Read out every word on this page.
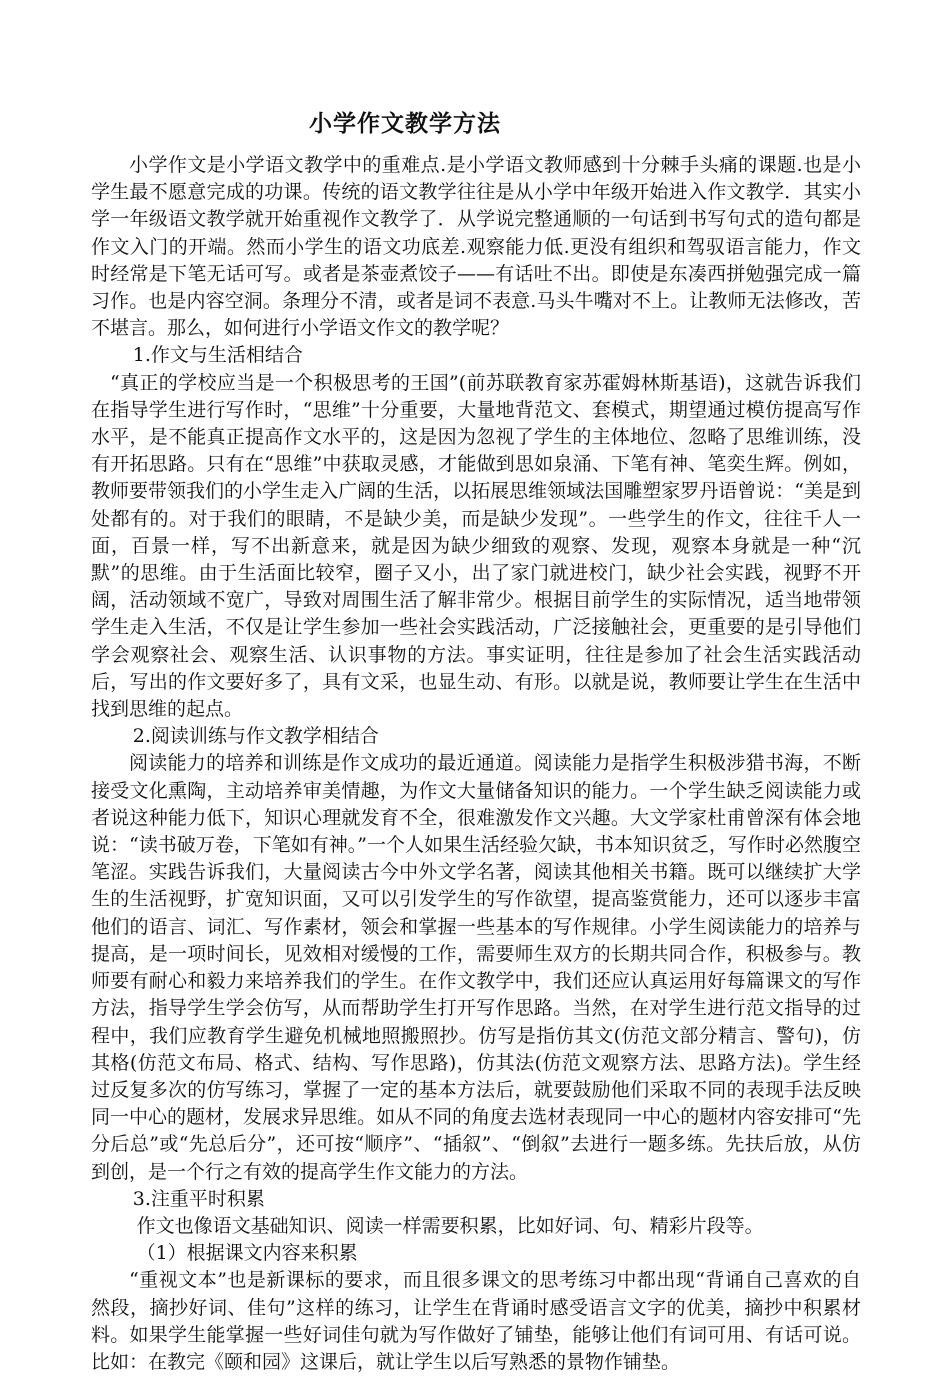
小学作文教学方法

小学作文是小学语文教学中的重难点.是小学语文教师感到十分棘手头痛的课题.也是小学生最不愿意完成的功课。传统的语文教学往往是从小学中年级开始进入作文教学．其实小学一年级语文教学就开始重视作文教学了．从学说完整通顺的一句话到书写句式的造句都是作文入门的开端。然而小学生的语文功底差.观察能力低.更没有组织和驾驭语言能力，作文时经常是下笔无话可写。或者是茶壶煮饺子——有话吐不出。即使是东凑西拼勉强完成一篇习作。也是内容空洞。条理分不清，或者是词不表意.马头牛嘴对不上。让教师无法修改，苦不堪言。那么，如何进行小学语文作文的教学呢？

1.作文与生活相结合

“真正的学校应当是一个积极思考的王国”(前苏联教育家苏霍姆林斯基语)，这就告诉我们在指导学生进行写作时，“思维”十分重要，大量地背范文、套模式，期望通过模仿提高写作水平，是不能真正提高作文水平的，这是因为忽视了学生的主体地位、忽略了思维训练，没有开拓思路。只有在“思维”中获取灵感，才能做到思如泉涌、下笔有神、笔奕生辉。例如，教师要带领我们的小学生走入广阔的生活，以拓展思维领域法国雕塑家罗丹语曾说：“美是到处都有的。对于我们的眼睛，不是缺少美，而是缺少发现”。一些学生的作文，往往千人一面，百景一样，写不出新意来，就是因为缺少细致的观察、发现，观察本身就是一种“沉默”的思维。由于生活面比较窄，圈子又小，出了家门就进校门，缺少社会实践，视野不开阔，活动领域不宽广，导致对周围生活了解非常少。根据目前学生的实际情况，适当地带领学生走入生活，不仅是让学生参加一些社会实践活动，广泛接触社会，更重要的是引导他们学会观察社会、观察生活、认识事物的方法。事实证明，往往是参加了社会生活实践活动后，写出的作文要好多了，具有文采，也显生动、有形。以就是说，教师要让学生在生活中找到思维的起点。

2.阅读训练与作文教学相结合

阅读能力的培养和训练是作文成功的最近通道。阅读能力是指学生积极涉猎书海，不断接受文化熏陶，主动培养审美情趣，为作文大量储备知识的能力。一个学生缺乏阅读能力或者说这种能力低下，知识心理就发育不全，很难激发作文兴趣。大文学家杜甫曾深有体会地说：“读书破万卷，下笔如有神。”一个人如果生活经验欠缺，书本知识贫乏，写作时必然腹空笔涩。实践告诉我们，大量阅读古今中外文学名著，阅读其他相关书籍。既可以继续扩大学生的生活视野，扩宽知识面，又可以引发学生的写作欲望，提高鉴赏能力，还可以逐步丰富他们的语言、词汇、写作素材，领会和掌握一些基本的写作规律。小学生阅读能力的培养与提高，是一项时间长，见效相对缓慢的工作，需要师生双方的长期共同合作，积极参与。教师要有耐心和毅力来培养我们的学生。在作文教学中，我们还应认真运用好每篇课文的写作方法，指导学生学会仿写，从而帮助学生打开写作思路。当然，在对学生进行范文指导的过程中，我们应教育学生避免机械地照搬照抄。仿写是指仿其文(仿范文部分精言、警句)，仿其格(仿范文布局、格式、结构、写作思路)，仿其法(仿范文观察方法、思路方法)。学生经过反复多次的仿写练习，掌握了一定的基本方法后，就要鼓励他们采取不同的表现手法反映同一中心的题材，发展求异思维。如从不同的角度去选材表现同一中心的题材内容安排可“先分后总”或“先总后分”，还可按“顺序”、“插叙”、“倒叙”去进行一题多练。先扶后放，从仿到创，是一个行之有效的提高学生作文能力的方法。

3.注重平时积累

作文也像语文基础知识、阅读一样需要积累，比如好词、句、精彩片段等。

（1）根据课文内容来积累

“重视文本”也是新课标的要求，而且很多课文的思考练习中都出现“背诵自己喜欢的自然段，摘抄好词、佳句”这样的练习，让学生在背诵时感受语言文字的优美，摘抄中积累材料。如果学生能掌握一些好词佳句就为写作做好了铺垫，能够让他们有词可用、有话可说。比如：在教完《颐和园》这课后，就让学生以后写熟悉的景物作铺垫。
